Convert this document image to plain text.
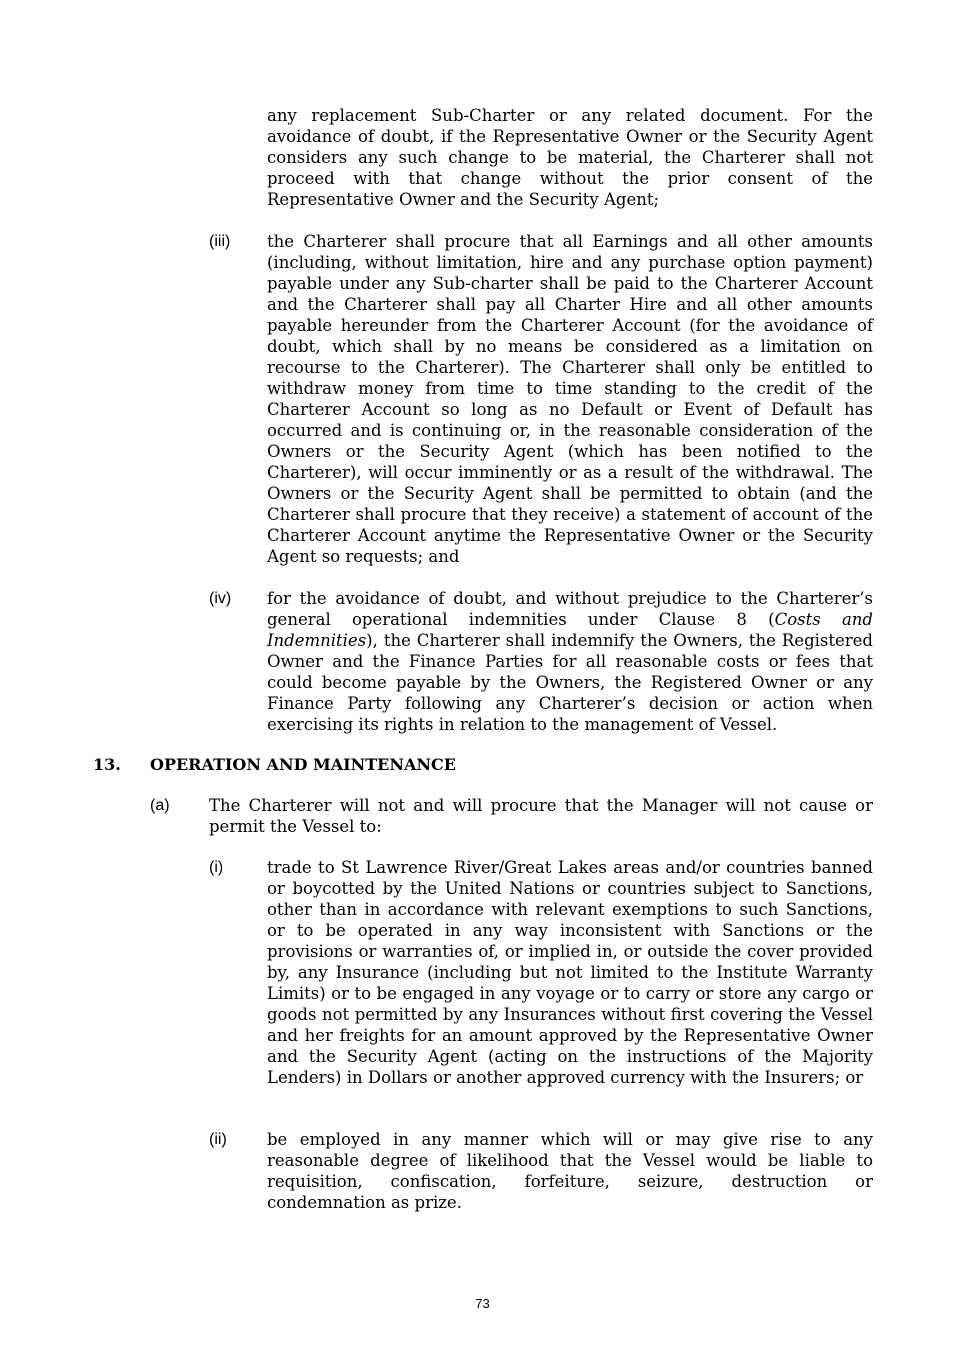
any replacement Sub-Charter or any related document. For the avoidance of doubt, if the Representative Owner or the Security Agent considers any such change to be material, the Charterer shall not proceed with that change without the prior consent of the Representative Owner and the Security Agent;

(iii) the Charterer shall procure that all Earnings and all other amounts (including, without limitation, hire and any purchase option payment) payable under any Sub-charter shall be paid to the Charterer Account and the Charterer shall pay all Charter Hire and all other amounts payable hereunder from the Charterer Account (for the avoidance of doubt, which shall by no means be considered as a limitation on recourse to the Charterer). The Charterer shall only be entitled to withdraw money from time to time standing to the credit of the Charterer Account so long as no Default or Event of Default has occurred and is continuing or, in the reasonable consideration of the Owners or the Security Agent (which has been notified to the Charterer), will occur imminently or as a result of the withdrawal. The Owners or the Security Agent shall be permitted to obtain (and the Charterer shall procure that they receive) a statement of account of the Charterer Account anytime the Representative Owner or the Security Agent so requests; and

(iv) for the avoidance of doubt, and without prejudice to the Charterer’s general operational indemnities under Clause 8 (Costs and Indemnities), the Charterer shall indemnify the Owners, the Registered Owner and the Finance Parties for all reasonable costs or fees that could become payable by the Owners, the Registered Owner or any Finance Party following any Charterer’s decision or action when exercising its rights in relation to the management of Vessel.

13. OPERATION AND MAINTENANCE
(a) The Charterer will not and will procure that the Manager will not cause or permit the Vessel to:

(i)	trade to St Lawrence River/Great Lakes areas and/or countries banned or boycotted by the United Nations or countries subject to Sanctions, other than in accordance with relevant exemptions to such Sanctions, or to be operated in any way inconsistent with Sanctions or the provisions or warranties of, or implied in, or outside the cover provided by, any Insurance (including but not limited to the Institute Warranty Limits) or to be engaged in any voyage or to carry or store any cargo or goods not permitted by any Insurances without first covering the Vessel and her freights for an amount approved by the Representative Owner and the Security Agent (acting on the instructions of the Majority Lenders) in Dollars or another approved currency with the Insurers; or

(ii) be employed in any manner which will or may give rise to any reasonable degree of likelihood that the Vessel would be liable to requisition, confiscation, forfeiture, seizure, destruction or condemnation as prize.

73
